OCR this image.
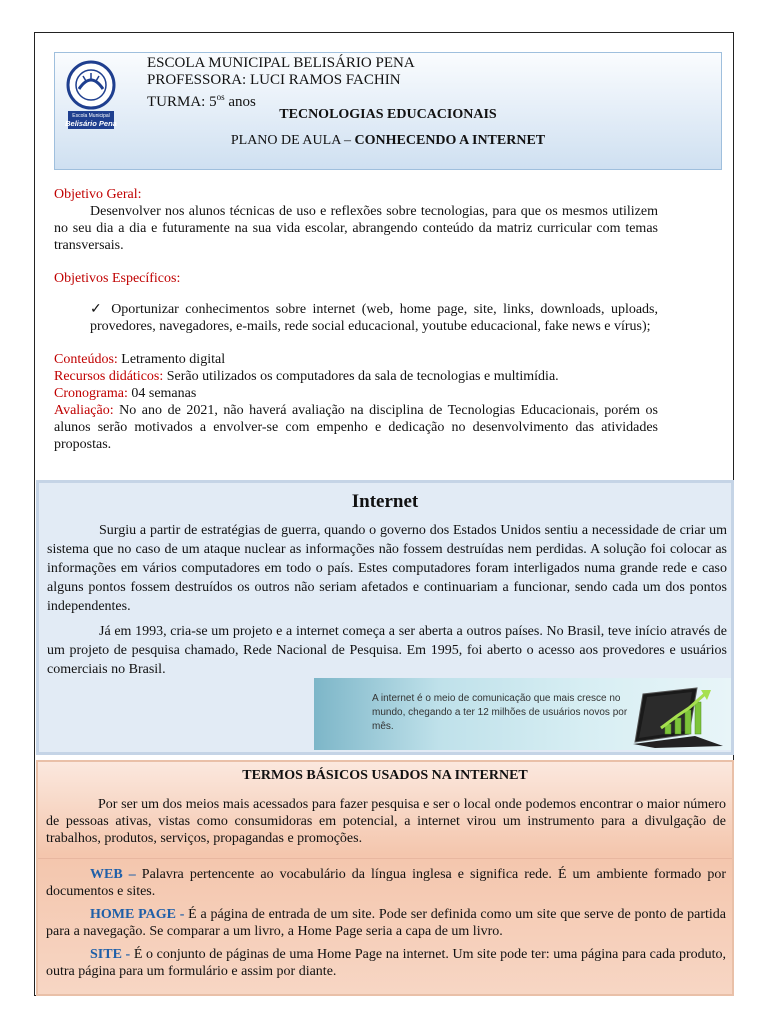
Escola Municipal
Belisário Pena
ESCOLA MUNICIPAL BELISÁRIO PENA
PROFESSORA: LUCI RAMOS FACHIN
TURMA: $5^{os}$ anos
TECNOLOGIAS EDUCACIONAIS
PLANO DE AULA – CONHECENDO A INTERNET

Objetivo Geral:

Desenvolver nos alunos técnicas de uso e reflexões sobre tecnologias, para que os mesmos utilizem no seu dia a dia e futuramente na sua vida escolar, abrangendo conteúdo da matriz curricular com temas transversais.

Objetivos Específicos:

✓ Oportunizar conhecimentos sobre internet (web, home page, site, links, downloads, uploads, provedores, navegadores, e-mails, rede social educacional, youtube educacional, fake news e vírus);

Conteúdos: Letramento digital

Recursos didáticos: Serão utilizados os computadores da sala de tecnologias e multimídia.

Cronograma: 04 semanas

Avaliação: No ano de 2021, não haverá avaliação na disciplina de Tecnologias Educacionais, porém os alunos serão motivados a envolver-se com empenho e dedicação no desenvolvimento das atividades propostas.

Internet

Surgiu a partir de estratégias de guerra, quando o governo dos Estados Unidos sentiu a necessidade de criar um sistema que no caso de um ataque nuclear as informações não fossem destruídas nem perdidas. A solução foi colocar as informações em vários computadores em todo o país. Estes computadores foram interligados numa grande rede e caso alguns pontos fossem destruídos os outros não seriam afetados e continuariam a funcionar, sendo cada um dos pontos independentes.

Já em 1993, cria-se um projeto e a internet começa a ser aberta a outros países. No Brasil, teve início através de um projeto de pesquisa chamado, Rede Nacional de Pesquisa. Em 1995, foi aberto o acesso aos provedores e usuários comerciais no Brasil.

A internet é o meio de comunicação que mais cresce no mundo, chegando a ter 12 milhões de usuários novos por mês.
TERMOS BÁSICOS USADOS NA INTERNET

Por ser um dos meios mais acessados para fazer pesquisa e ser o local onde podemos encontrar o maior número de pessoas ativas, vistas como consumidoras em potencial, a internet virou um instrumento para a divulgação de trabalhos, produtos, serviços, propagandas e promoções.

WEB – Palavra pertencente ao vocabulário da língua inglesa e significa rede. É um ambiente formado por documentos e sites.

HOME PAGE - É a página de entrada de um site. Pode ser definida como um site que serve de ponto de partida para a navegação. Se comparar a um livro, a Home Page seria a capa de um livro.

SITE - É o conjunto de páginas de uma Home Page na internet. Um site pode ter: uma página para cada produto, outra página para um formulário e assim por diante.
